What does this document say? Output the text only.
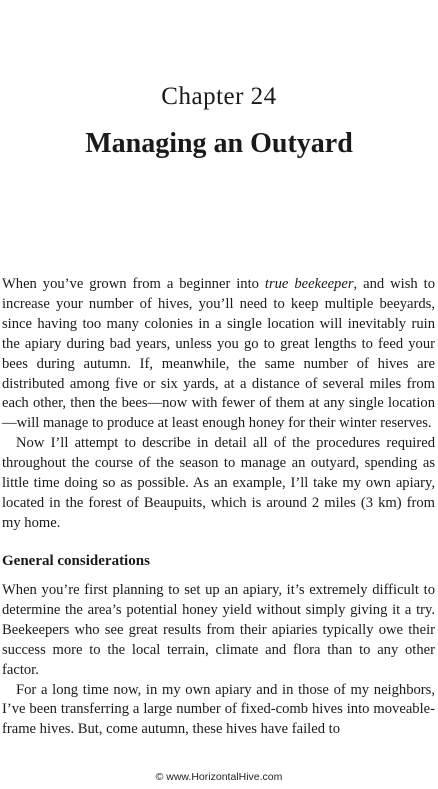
Chapter 24
Managing an Outyard

When you’ve grown from a beginner into true beekeeper, and wish to increase your number of hives, you’ll need to keep multiple beeyards, since having too many colonies in a single location will inevitably ruin the apiary during bad years, unless you go to great lengths to feed your bees during autumn. If, meanwhile, the same number of hives are distributed among five or six yards, at a distance of several miles from each other, then the bees—now with fewer of them at any single location—will manage to produce at least enough honey for their winter reserves.

Now I’ll attempt to describe in detail all of the procedures required throughout the course of the season to manage an outyard, spending as little time doing so as possible. As an example, I’ll take my own apiary, located in the forest of Beaupuits, which is around 2 miles (3 km) from my home.

General considerations

When you’re first planning to set up an apiary, it’s extremely difficult to determine the area’s potential honey yield without simply giving it a try. Beekeepers who see great results from their apiaries typically owe their success more to the local terrain, climate and flora than to any other factor.

For a long time now, in my own apiary and in those of my neighbors, I’ve been transferring a large number of fixed-comb hives into moveable-frame hives. But, come autumn, these hives have failed to

© www.HorizontalHive.com
